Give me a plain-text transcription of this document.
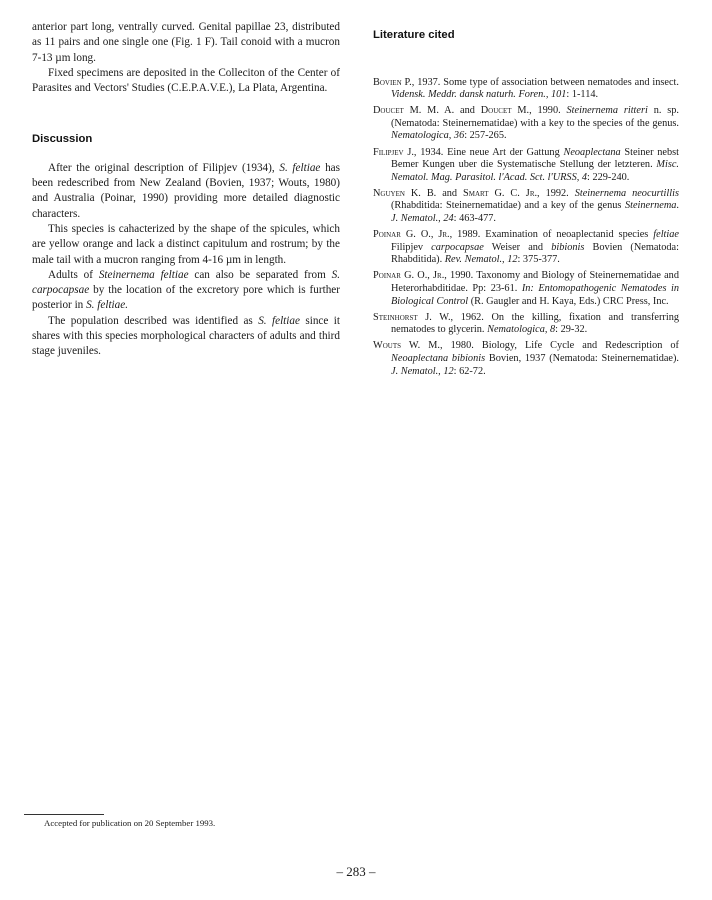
anterior part long, ventrally curved. Genital papillae 23, distributed as 11 pairs and one single one (Fig. 1 F). Tail conoid with a mucron 7-13 µm long.

Fixed specimens are deposited in the Colleciton of the Center of Parasites and Vectors' Studies (C.E.P.A.V.E.), La Plata, Argentina.

Discussion

After the original description of Filipjev (1934), S. feltiae has been redescribed from New Zealand (Bovien, 1937; Wouts, 1980) and Australia (Poinar, 1990) providing more detailed diagnostic characters.

This species is cahacterized by the shape of the spicules, which are yellow orange and lack a distinct capitulum and rostrum; by the male tail with a mucron ranging from 4-16 µm in length.

Adults of Steinernema feltiae can also be separated from S. carpocapsae by the location of the excretory pore which is further posterior in S. feltiae.

The population described was identified as S. feltiae since it shares with this species morphological characters of adults and third stage juveniles.

Literature cited

Bovien P., 1937. Some type of association between nematodes and insect. Vidensk. Meddr. dansk naturh. Foren., 101: 1-114.

Doucet M. M. A. and Doucet M., 1990. Steinernema ritteri n. sp. (Nematoda: Steinernematidae) with a key to the species of the genus. Nematologica, 36: 257-265.

Filipjev J., 1934. Eine neue Art der Gattung Neoaplectana Steiner nebst Bemer Kungen uber die Systematische Stellung der letzteren. Misc. Nematol. Mag. Parasitol. l'Acad. Sct. l'URSS, 4: 229-240.

Nguyen K. B. and Smart G. C. Jr., 1992. Steinernema neocurtillis (Rhabditida: Steinernematidae) and a key of the genus Steinernema. J. Nematol., 24: 463-477.

Poinar G. O., Jr., 1989. Examination of neoaplectanid species feltiae Filipjev carpocapsae Weiser and bibionis Bovien (Nematoda: Rhabditida). Rev. Nematol., 12: 375-377.

Poinar G. O., Jr., 1990. Taxonomy and Biology of Steinernematidae and Heterorhabditidae. Pp: 23-61. In: Entomopathogenic Nematodes in Biological Control (R. Gaugler and H. Kaya, Eds.) CRC Press, Inc.

Steinhorst J. W., 1962. On the killing, fixation and transferring nematodes to glycerin. Nematologica, 8: 29-32.

Wouts W. M., 1980. Biology, Life Cycle and Redescription of Neoaplectana bibionis Bovien, 1937 (Nematoda: Steinernematidae). J. Nematol., 12: 62-72.

Accepted for publication on 20 September 1993.
– 283 –
